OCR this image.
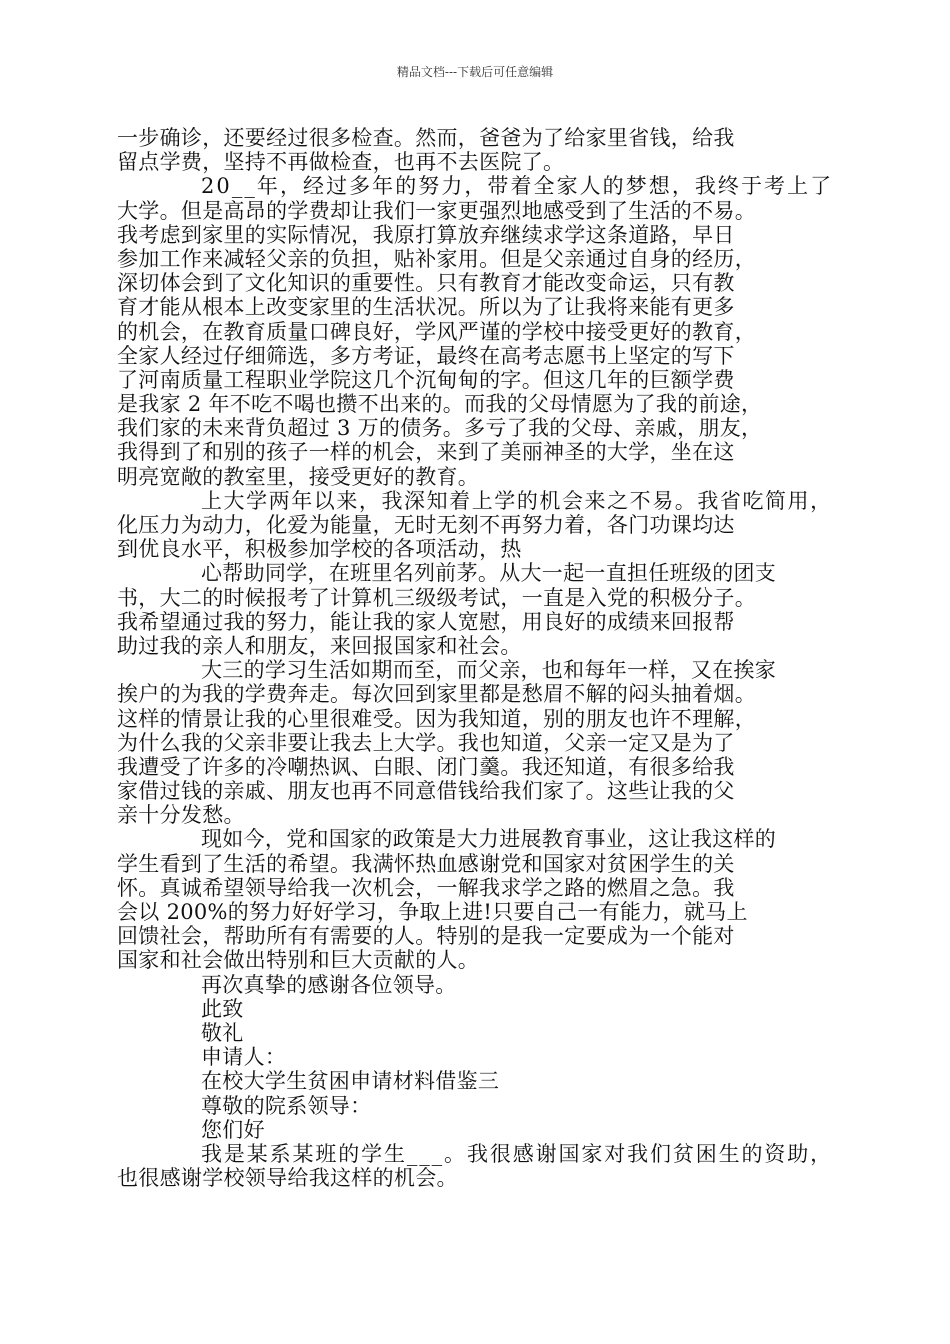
精品文档---下载后可任意编辑
一步确诊，还要经过很多检查。然而，爸爸为了给家里省钱，给我
留点学费，坚持不再做检查，也再不去医院了。
20__年，经过多年的努力，带着全家人的梦想，我终于考上了
大学。但是高昂的学费却让我们一家更强烈地感受到了生活的不易。
我考虑到家里的实际情况，我原打算放弃继续求学这条道路，早日
参加工作来减轻父亲的负担，贴补家用。但是父亲通过自身的经历，
深切体会到了文化知识的重要性。只有教育才能改变命运，只有教
育才能从根本上改变家里的生活状况。所以为了让我将来能有更多
的机会，在教育质量口碑良好，学风严谨的学校中接受更好的教育，
全家人经过仔细筛选，多方考证，最终在高考志愿书上坚定的写下
了河南质量工程职业学院这几个沉甸甸的字。但这几年的巨额学费
是我家 2 年不吃不喝也攒不出来的。而我的父母情愿为了我的前途，
我们家的未来背负超过 3 万的债务。多亏了我的父母、亲戚，朋友，
我得到了和别的孩子一样的机会，来到了美丽神圣的大学，坐在这
明亮宽敞的教室里，接受更好的教育。
上大学两年以来，我深知着上学的机会来之不易。我省吃简用，
化压力为动力，化爱为能量，无时无刻不再努力着，各门功课均达
到优良水平，积极参加学校的各项活动，热
心帮助同学，在班里名列前茅。从大一起一直担任班级的团支
书，大二的时候报考了计算机三级级考试，一直是入党的积极分子。
我希望通过我的努力，能让我的家人宽慰，用良好的成绩来回报帮
助过我的亲人和朋友，来回报国家和社会。
大三的学习生活如期而至，而父亲，也和每年一样，又在挨家
挨户的为我的学费奔走。每次回到家里都是愁眉不解的闷头抽着烟。
这样的情景让我的心里很难受。因为我知道，别的朋友也许不理解，
为什么我的父亲非要让我去上大学。我也知道，父亲一定又是为了
我遭受了许多的冷嘲热讽、白眼、闭门羹。我还知道，有很多给我
家借过钱的亲戚、朋友也再不同意借钱给我们家了。这些让我的父
亲十分发愁。
现如今，党和国家的政策是大力进展教育事业，这让我这样的
学生看到了生活的希望。我满怀热血感谢党和国家对贫困学生的关
怀。真诚希望领导给我一次机会，一解我求学之路的燃眉之急。我
会以 200%的努力好好学习，争取上进!只要自己一有能力，就马上
回馈社会，帮助所有有需要的人。特别的是我一定要成为一个能对
国家和社会做出特别和巨大贡献的人。
再次真挚的感谢各位领导。
此致
敬礼
申请人：
在校大学生贫困申请材料借鉴三
尊敬的院系领导：
您们好
我是某系某班的学生___。我很感谢国家对我们贫困生的资助，
也很感谢学校领导给我这样的机会。
